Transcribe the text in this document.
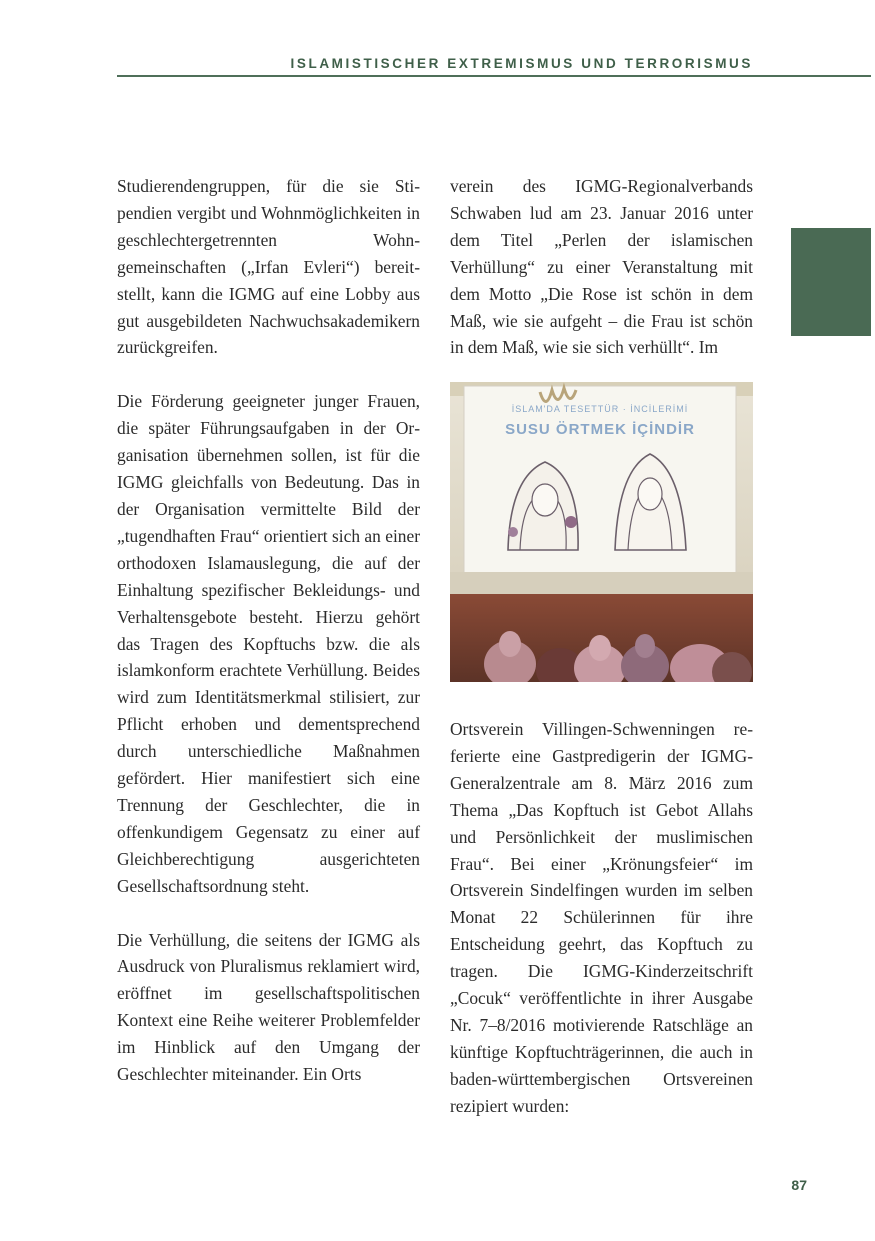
ISLAMISTISCHER EXTREMISMUS UND TERRORISMUS

Studierendengruppen, für die sie Stipendien vergibt und Wohnmöglichkeiten in geschlechtergetrennten Wohngemeinschaften („Irfan Evleri“) bereitstellt, kann die IGMG auf eine Lobby aus gut ausgebildeten Nachwuchsakademikern zurückgreifen.

Die Förderung geeigneter junger Frauen, die später Führungsaufgaben in der Organisation übernehmen sollen, ist für die IGMG gleichfalls von Bedeutung. Das in der Organisation vermittelte Bild der „tugendhaften Frau“ orientiert sich an einer orthodoxen Islamauslegung, die auf der Einhaltung spezifischer Bekleidungs- und Verhaltensgebote besteht. Hierzu gehört das Tragen des Kopftuchs bzw. die als islamkonform erachtete Verhüllung. Beides wird zum Identitätsmerkmal stilisiert, zur Pflicht erhoben und dementsprechend durch unterschiedliche Maßnahmen gefördert. Hier manifestiert sich eine Trennung der Geschlechter, die in offenkundigem Gegensatz zu einer auf Gleichberechtigung ausgerichteten Gesellschaftsordnung steht.

Die Verhüllung, die seitens der IGMG als Ausdruck von Pluralismus reklamiert wird, eröffnet im gesellschaftspolitischen Kontext eine Reihe weiterer Problemfelder im Hinblick auf den Umgang der Geschlechter miteinander. Ein Orts

verein des IGMG-Regionalverbands Schwaben lud am 23. Januar 2016 unter dem Titel „Perlen der islamischen Verhüllung“ zu einer Veranstaltung mit dem Motto „Die Rose ist schön in dem Maß, wie sie aufgeht – die Frau ist schön in dem Maß, wie sie sich verhüllt“. Im

İSLAM'DA TESETTÜR · İNCİLERİMİ
SUSU ÖRTMEK İÇİNDİR

Ortsverein Villingen-Schwenningen referierte eine Gastpredigerin der IGMG-Generalzentrale am 8. März 2016 zum Thema „Das Kopftuch ist Gebot Allahs und Persönlichkeit der muslimischen Frau“. Bei einer „Krönungsfeier“ im Ortsverein Sindelfingen wurden im selben Monat 22 Schülerinnen für ihre Entscheidung geehrt, das Kopftuch zu tragen. Die IGMG-Kinderzeitschrift „Cocuk“ veröffentlichte in ihrer Ausgabe Nr. 7–8/2016 motivierende Ratschläge an künftige Kopftuchträgerinnen, die auch in baden-württembergischen Ortsvereinen rezipiert wurden:

87
